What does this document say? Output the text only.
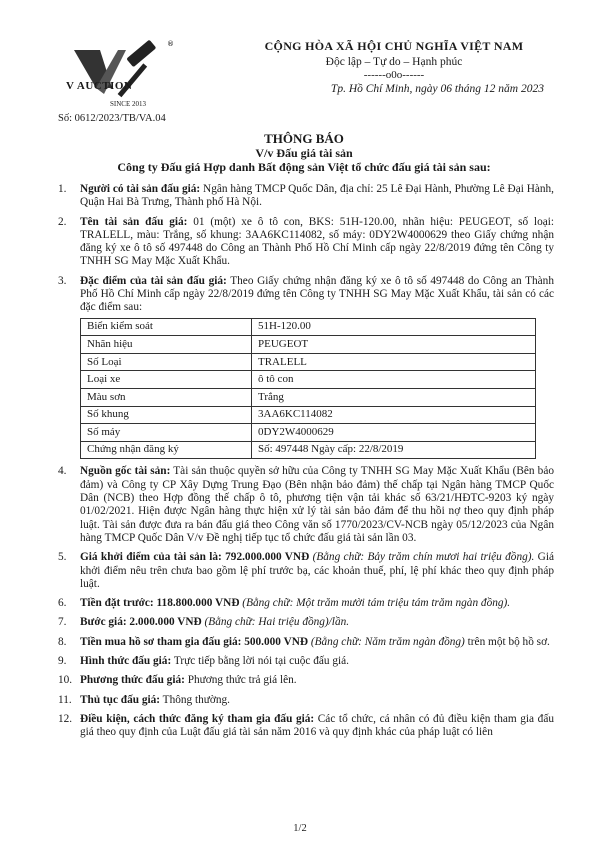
®
V AUCTION
SINCE 2013
Số: 0612/2023/TB/VA.04
CỘNG HÒA XÃ HỘI CHỦ NGHĨA VIỆT NAM
Độc lập – Tự do – Hạnh phúc
------o0o------
Tp. Hồ Chí Minh, ngày 06 tháng 12 năm 2023
THÔNG BÁO
V/v Đấu giá tài sản
Công ty Đấu giá Hợp danh Bất động sản Việt tổ chức đấu giá tài sản sau:
1. Người có tài sản đấu giá: Ngân hàng TMCP Quốc Dân, địa chỉ: 25 Lê Đại Hành, Phường Lê Đại Hành, Quận Hai Bà Trưng, Thành phố Hà Nội.
2. Tên tài sản đấu giá: 01 (một) xe ô tô con, BKS: 51H-120.00, nhãn hiệu: PEUGEOT, số loại: TRALELL, màu: Trắng, số khung: 3AA6KC114082, số máy: 0DY2W4000629 theo Giấy chứng nhận đăng ký xe ô tô số 497448 do Công an Thành Phố Hồ Chí Minh cấp ngày 22/8/2019 đứng tên Công ty TNHH SG May Mặc Xuất Khẩu.
3. Đặc điểm của tài sản đấu giá: Theo Giấy chứng nhận đăng ký xe ô tô số 497448 do Công an Thành Phố Hồ Chí Minh cấp ngày 22/8/2019 đứng tên Công ty TNHH SG May Mặc Xuất Khẩu, tài sản có các đặc điểm sau:
Biển kiểm soát	51H-120.00
Nhãn hiệu	PEUGEOT
Số Loại	TRALELL
Loại xe	ô tô con
Màu sơn	Trắng
Số khung	3AA6KC114082
Số máy	0DY2W4000629
Chứng nhận đăng ký	Số: 497448 Ngày cấp: 22/8/2019
4. Nguồn gốc tài sản: Tài sản thuộc quyền sở hữu của Công ty TNHH SG May Mặc Xuất Khẩu (Bên bảo đảm) và Công ty CP Xây Dựng Trung Đạo (Bên nhận bảo đảm) thế chấp tại Ngân hàng TMCP Quốc Dân (NCB) theo Hợp đồng thế chấp ô tô, phương tiện vận tải khác số 63/21/HĐTC-9203 ký ngày 01/02/2021. Hiện được Ngân hàng thực hiện xử lý tài sản bảo đảm để thu hồi nợ theo quy định pháp luật. Tài sản được đưa ra bán đấu giá theo Công văn số 1770/2023/CV-NCB ngày 05/12/2023 của Ngân hàng TMCP Quốc Dân V/v Đề nghị tiếp tục tổ chức đấu giá tài sản lần 03.
5. Giá khởi điểm của tài sản là: 792.000.000 VNĐ (Bằng chữ: Bảy trăm chín mươi hai triệu đồng). Giá khởi điểm nêu trên chưa bao gồm lệ phí trước bạ, các khoản thuế, phí, lệ phí khác theo quy định pháp luật.
6. Tiền đặt trước: 118.800.000 VNĐ (Bằng chữ: Một trăm mười tám triệu tám trăm ngàn đồng).
7. Bước giá: 2.000.000 VNĐ (Bằng chữ: Hai triệu đồng)/lần.
8. Tiền mua hồ sơ tham gia đấu giá: 500.000 VNĐ (Bằng chữ: Năm trăm ngàn đồng) trên một bộ hồ sơ.
9. Hình thức đấu giá: Trực tiếp bằng lời nói tại cuộc đấu giá.
10. Phương thức đấu giá: Phương thức trả giá lên.
11. Thủ tục đấu giá: Thông thường.
12. Điều kiện, cách thức đăng ký tham gia đấu giá: Các tổ chức, cá nhân có đủ điều kiện tham gia đấu giá theo quy định của Luật đấu giá tài sản năm 2016 và quy định khác của pháp luật có liên
1/2
